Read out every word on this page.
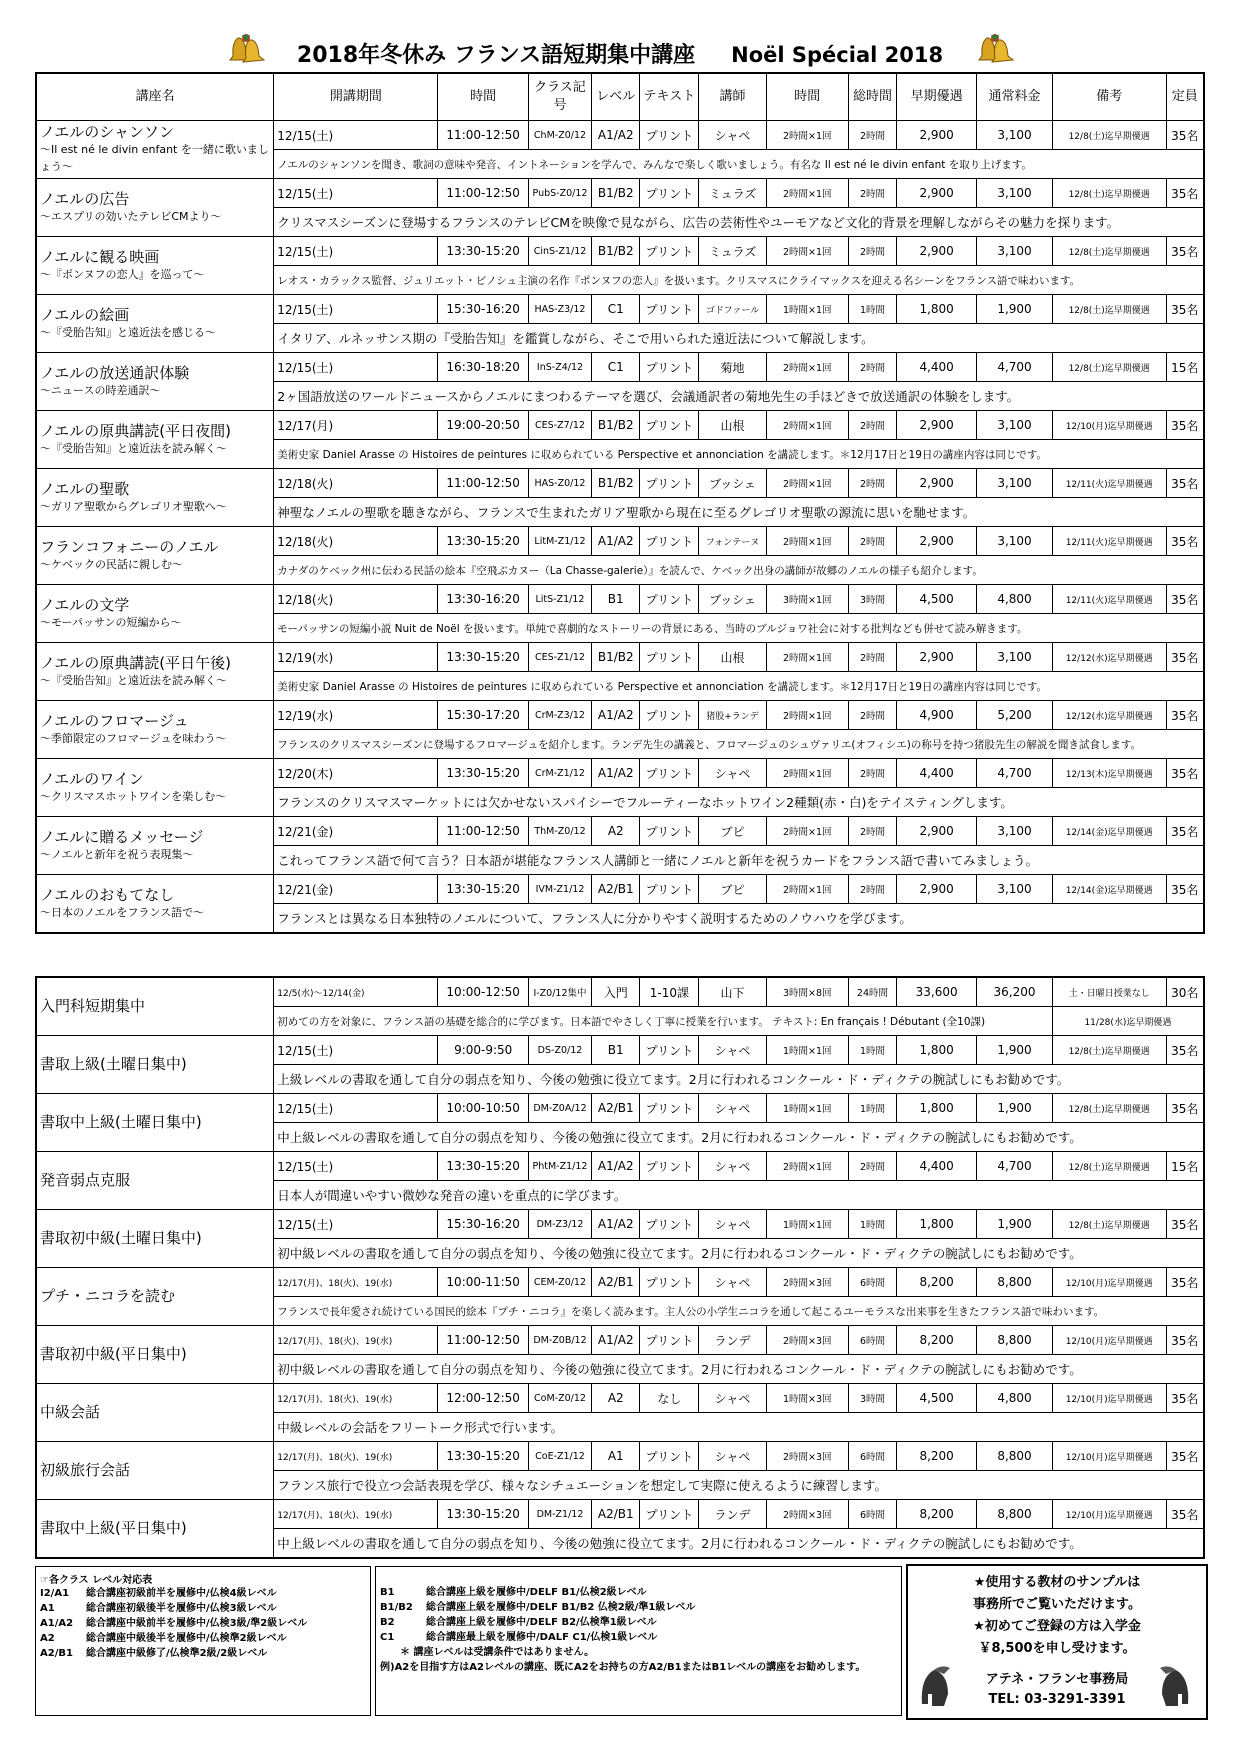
2018年冬休み フランス語短期集中講座 Noël Spécial 2018
講座名	開講期間	時間	クラス記号	レベル	テキスト	講師	時間	総時間	早期優遇	通常料金	備考	定員

ノエルのシャンソン
〜Il est né le divin enfant を一緒に歌いましょう〜	12/15(土)	11:00-12:50	ChM-Z0/12	A1/A2	プリント	シャペ	2時間×1回	2時間	2,900	3,100	12/8(土)迄早期優遇	35名
	ノエルのシャンソンを聞き、歌詞の意味や発音、イントネーションを学んで、みんなで楽しく歌いましょう。有名な Il est né le divin enfant を取り上げます。											

ノエルの広告
〜エスプリの効いたテレビCMより〜	12/15(土)	11:00-12:50	PubS-Z0/12	B1/B2	プリント	ミュラズ	2時間×1回	2時間	2,900	3,100	12/8(土)迄早期優遇	35名
	クリスマスシーズンに登場するフランスのテレビCMを映像で見ながら、広告の芸術性やユーモアなど文化的背景を理解しながらその魅力を探ります。											

ノエルに観る映画
〜『ポンヌフの恋人』を巡って〜	12/15(土)	13:30-15:20	CinS-Z1/12	B1/B2	プリント	ミュラズ	2時間×1回	2時間	2,900	3,100	12/8(土)迄早期優遇	35名
	レオス・カラックス監督、ジュリエット・ビノシュ主演の名作『ポンヌフの恋人』を扱います。クリスマスにクライマックスを迎える名シーンをフランス語で味わいます。											

ノエルの絵画
〜『受胎告知』と遠近法を感じる〜	12/15(土)	15:30-16:20	HAS-Z3/12	C1	プリント	ゴドファール	1時間×1回	1時間	1,800	1,900	12/8(土)迄早期優遇	35名
	イタリア、ルネッサンス期の『受胎告知』を鑑賞しながら、そこで用いられた遠近法について解説します。											

ノエルの放送通訳体験
〜ニュースの時差通訳〜	12/15(土)	16:30-18:20	InS-Z4/12	C1	プリント	菊地	2時間×1回	2時間	4,400	4,700	12/8(土)迄早期優遇	15名
	2ヶ国語放送のワールドニュースからノエルにまつわるテーマを選び、会議通訳者の菊地先生の手ほどきで放送通訳の体験をします。											

ノエルの原典講読(平日夜間)
〜『受胎告知』と遠近法を読み解く〜	12/17(月)	19:00-20:50	CES-Z7/12	B1/B2	プリント	山根	2時間×1回	2時間	2,900	3,100	12/10(月)迄早期優遇	35名
	美術史家 Daniel Arasse の Histoires de peintures に収められている Perspective et annonciation を講読します。＊12月17日と19日の講座内容は同じです。											

ノエルの聖歌
〜ガリア聖歌からグレゴリオ聖歌へ〜	12/18(火)	11:00-12:50	HAS-Z0/12	B1/B2	プリント	ブッシェ	2時間×1回	2時間	2,900	3,100	12/11(火)迄早期優遇	35名
	神聖なノエルの聖歌を聴きながら、フランスで生まれたガリア聖歌から現在に至るグレゴリオ聖歌の源流に思いを馳せます。											

フランコフォニーのノエル
〜ケベックの民話に親しむ〜	12/18(火)	13:30-15:20	LitM-Z1/12	A1/A2	プリント	フォンテーヌ	2時間×1回	2時間	2,900	3,100	12/11(火)迄早期優遇	35名
	カナダのケベック州に伝わる民話の絵本『空飛ぶカヌー（La Chasse-galerie）』を読んで、ケベック出身の講師が故郷のノエルの様子も紹介します。											

ノエルの文学
〜モーパッサンの短編から〜	12/18(火)	13:30-16:20	LitS-Z1/12	B1	プリント	ブッシェ	3時間×1回	3時間	4,500	4,800	12/11(火)迄早期優遇	35名
	モーパッサンの短編小説 Nuit de Noël を扱います。単純で喜劇的なストーリーの背景にある、当時のブルジョワ社会に対する批判なども併せて読み解きます。											

ノエルの原典講読(平日午後)
〜『受胎告知』と遠近法を読み解く〜	12/19(水)	13:30-15:20	CES-Z1/12	B1/B2	プリント	山根	2時間×1回	2時間	2,900	3,100	12/12(水)迄早期優遇	35名
	美術史家 Daniel Arasse の Histoires de peintures に収められている Perspective et annonciation を講読します。＊12月17日と19日の講座内容は同じです。											

ノエルのフロマージュ
〜季節限定のフロマージュを味わう〜	12/19(水)	15:30-17:20	CrM-Z3/12	A1/A2	プリント	猪股+ランデ	2時間×1回	2時間	4,900	5,200	12/12(水)迄早期優遇	35名
	フランスのクリスマスシーズンに登場するフロマージュを紹介します。ランデ先生の講義と、フロマージュのシュヴァリエ(オフィシエ)の称号を持つ猪股先生の解説を聞き試食します。											

ノエルのワイン
〜クリスマスホットワインを楽しむ〜	12/20(木)	13:30-15:20	CrM-Z1/12	A1/A2	プリント	シャペ	2時間×1回	2時間	4,400	4,700	12/13(木)迄早期優遇	35名
	フランスのクリスマスマーケットには欠かせないスパイシーでフルーティーなホットワイン2種類(赤・白)をテイスティングします。											

ノエルに贈るメッセージ
〜ノエルと新年を祝う表現集〜	12/21(金)	11:00-12:50	ThM-Z0/12	A2	プリント	ブピ	2時間×1回	2時間	2,900	3,100	12/14(金)迄早期優遇	35名
	これってフランス語で何て言う？日本語が堪能なフランス人講師と一緒にノエルと新年を祝うカードをフランス語で書いてみましょう。											

ノエルのおもてなし
〜日本のノエルをフランス語で〜	12/21(金)	13:30-15:20	IVM-Z1/12	A2/B1	プリント	ブピ	2時間×1回	2時間	2,900	3,100	12/14(金)迄早期優遇	35名
	フランスとは異なる日本独特のノエルについて、フランス人に分かりやすく説明するためのノウハウを学びます。											
入門科短期集中	12/5(水)〜12/14(金)	10:00-12:50	I-Z0/12集中	入門	1-10課	山下	3時間×8回	24時間	33,600	36,200	土・日曜日授業なし	30名
	初めての方を対象に、フランス語の基礎を総合的に学びます。日本語でやさしく丁寧に授業を行います。 テキスト: En français ! Débutant (全10課)										11/28(水)迄早期優遇	

書取上級(土曜日集中)	12/15(土)	9:00-9:50	DS-Z0/12	B1	プリント	シャペ	1時間×1回	1時間	1,800	1,900	12/8(土)迄早期優遇	35名
	上級レベルの書取を通して自分の弱点を知り、今後の勉強に役立てます。2月に行われるコンクール・ド・ディクテの腕試しにもお勧めです。											

書取中上級(土曜日集中)	12/15(土)	10:00-10:50	DM-Z0A/12	A2/B1	プリント	シャペ	1時間×1回	1時間	1,800	1,900	12/8(土)迄早期優遇	35名
	中上級レベルの書取を通して自分の弱点を知り、今後の勉強に役立てます。2月に行われるコンクール・ド・ディクテの腕試しにもお勧めです。											

発音弱点克服	12/15(土)	13:30-15:20	PhtM-Z1/12	A1/A2	プリント	シャペ	2時間×1回	2時間	4,400	4,700	12/8(土)迄早期優遇	15名
	日本人が間違いやすい微妙な発音の違いを重点的に学びます。											

書取初中級(土曜日集中)	12/15(土)	15:30-16:20	DM-Z3/12	A1/A2	プリント	シャペ	1時間×1回	1時間	1,800	1,900	12/8(土)迄早期優遇	35名
	初中級レベルの書取を通して自分の弱点を知り、今後の勉強に役立てます。2月に行われるコンクール・ド・ディクテの腕試しにもお勧めです。											

プチ・ニコラを読む	12/17(月)、18(火)、19(水)	10:00-11:50	CEM-Z0/12	A2/B1	プリント	シャペ	2時間×3回	6時間	8,200	8,800	12/10(月)迄早期優遇	35名
	フランスで長年愛され続けている国民的絵本『プチ・ニコラ』を楽しく読みます。主人公の小学生ニコラを通して起こるユーモラスな出来事を生きたフランス語で味わいます。											

書取初中級(平日集中)	12/17(月)、18(火)、19(水)	11:00-12:50	DM-Z0B/12	A1/A2	プリント	ランデ	2時間×3回	6時間	8,200	8,800	12/10(月)迄早期優遇	35名
	初中級レベルの書取を通して自分の弱点を知り、今後の勉強に役立てます。2月に行われるコンクール・ド・ディクテの腕試しにもお勧めです。											

中級会話	12/17(月)、18(火)、19(水)	12:00-12:50	CoM-Z0/12	A2	なし	シャペ	1時間×3回	3時間	4,500	4,800	12/10(月)迄早期優遇	35名
	中級レベルの会話をフリートーク形式で行います。											

初級旅行会話	12/17(月)、18(火)、19(水)	13:30-15:20	CoE-Z1/12	A1	プリント	シャペ	2時間×3回	6時間	8,200	8,800	12/10(月)迄早期優遇	35名
	フランス旅行で役立つ会話表現を学び、様々なシチュエーションを想定して実際に使えるように練習します。											

書取中上級(平日集中)	12/17(月)、18(火)、19(水)	13:30-15:20	DM-Z1/12	A2/B1	プリント	ランデ	2時間×3回	6時間	8,200	8,800	12/10(月)迄早期優遇	35名
	中上級レベルの書取を通して自分の弱点を知り、今後の勉強に役立てます。2月に行われるコンクール・ド・ディクテの腕試しにもお勧めです。											
☞各クラス レベル対応表
I2/A1	総合講座初級前半を履修中/仏検4級レベル
A1	総合講座初級後半を履修中/仏検3級レベル
A1/A2	総合講座中級前半を履修中/仏検3級/準2級レベル
A2	総合講座中級後半を履修中/仏検準2級レベル
A2/B1	総合講座中級修了/仏検準2級/2級レベル
B1	総合講座上級を履修中/DELF B1/仏検2級レベル
B1/B2	総合講座上級を履修中/DELF B1/B2 仏検2級/準1級レベル
B2	総合講座上級を履修中/DELF B2/仏検準1級レベル
C1	総合講座最上級を履修中/DALF C1/仏検1級レベル
＊ 講座レベルは受講条件ではありません。
例)A2を目指す方はA2レベルの講座、既にA2をお持ちの方A2/B1またはB1レベルの講座をお勧めします。
★使用する教材のサンプルは
事務所でご覧いただけます。
★初めてご登録の方は入学金
￥8,500を申し受けます。
アテネ・フランセ事務局
TEL: 03-3291-3391
